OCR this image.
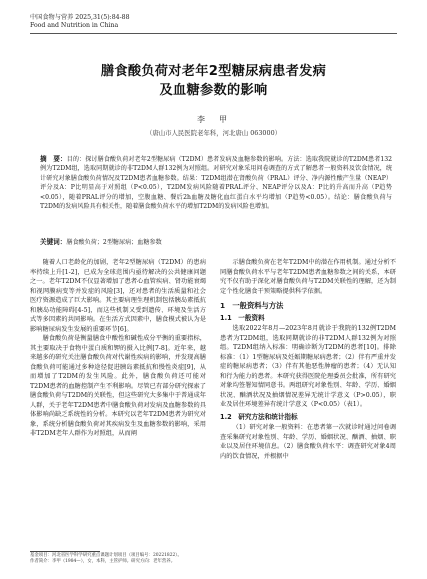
中国食物与营养 2025,31(5):84-88
Food and Nutrition in China
膳食酸负荷对老年2型糖尿病患者发病
及血糖参数的影响
李　甲
（唐山市人民医院老年科，河北唐山 063000）
摘　要：目的：探讨膳食酸负荷对老年2型糖尿病（T2DM）患者发病及血糖参数的影响。方法：选取我院就诊的T2DM患者132例为T2DM组，选取同期就诊的非T2DM人群132例为对照组。对研究对象采用问卷调查的方式了解患者一般资料及饮食情况，统计研究对象膳食酸负荷情况及T2DM患者血糖参数。结果：T2DM组潜在肾酸负荷（PRAL）评分、净内源性酸产生量（NEAP）评分及A：P比明显高于对照组（P<0.05），T2DM发病风险随着PRAL评分、NEAP评分以及A：P比的升高而升高（P趋势<0.05），随着PRAL评分的增加，空腹血糖、餐后2h血糖及糖化血红蛋白水平均增加（P趋势<0.05）。结论：膳食酸负荷与T2DM的发病风险具有相关性，随着膳食酸负荷水平的增加T2DM的发病风险也增加。
关键词：膳食酸负荷；2型糖尿病；血糖参数

随着人口老龄化的加剧，老年2型糖尿病（T2DM）的患病率持续上升[1-2]，已成为全球范围内亟待解决的公共健康问题之一。老年T2DM不仅显著增加了患者心血管疾病、肾功能衰竭和视网膜病变等并发症的风险[3]，还对患者的生活质量和社会医疗资源造成了巨大影响。其主要病理生理机制包括胰岛素抵抗和胰岛功能障碍[4-5]，而这些机制又受到遗传、环境及生活方式等多因素的共同影响。在生活方式因素中，膳食模式被认为是影响糖尿病发生发展的重要环节[6]。

膳食酸负荷是衡量膳食中酸性和碱性成分平衡的重要指标，其主要取决于食物中蛋白质和钾的摄入比例[7-8]。近年来，越来越多的研究关注膳食酸负荷对代谢性疾病的影响，并发现高膳食酸负荷可能通过多种途径促进胰岛素抵抗和慢性炎症[9]，从而增加了T2DM的发生风险。此外，膳食酸负荷还可能对T2DM患者的血糖控制产生不利影响。尽管已有部分研究探索了膳食酸负荷与T2DM的关联性，但这些研究大多集中于普通成年人群，关于老年T2DM患者中膳食酸负荷对发病及血糖参数的具体影响尚缺乏系统性的分析。本研究以老年T2DM患者为研究对象，系统分析膳食酸负荷对其疾病发生及血糖参数的影响，采用非T2DM老年人群作为对照组，从而阐

示膳食酸负荷在老年T2DM中的潜在作用机制。通过分析不同膳食酸负荷水平与老年T2DM患者血糖参数之间的关系，本研究不仅有助于深化对膳食酸负荷与T2DM关联性的理解，还为制定个性化膳食干预策略提供科学依据。

1　一般资料与方法
1.1　一般资料

选取2022年8月—2023年8月就诊于我院的132例T2DM患者为T2DM组，选取同期就诊的非T2DM人群132例为对照组。T2DM组纳入标准：明确诊断为T2DM的患者[10]。排除标准：（1）1型糖尿病及妊娠期糖尿病患者；（2）伴有严重并发症的糖尿病患者；（3）伴有其他恶性肿瘤的患者；（4）无认知和行为能力的患者。本研究获得医院伦理委员会批准，所有研究对象均签署知情同意书。两组研究对象性别、年龄、学历、婚姻状况、酗酒状况及抽烟情况差异无统计学意义（P>0.05），职业及居住环境差异有统计学意义（P<0.05）（表1）。

1.2　研究方法和统计指标

（1）研究对象一般资料：在患者第一次就诊时通过问卷调查采集研究对象性别、年龄、学历、婚姻状况、酗酒、抽烟、职业以及居住环境信息。（2）膳食酸负荷水平：调查研究对象4周内的饮食情况，并根据中

基金项目：河北省医学科学研究重点课题计划项目（项目编号：20221822）。
作者简介：李甲（1984—），女，本科，主管护师。研究方向：老年营养。
